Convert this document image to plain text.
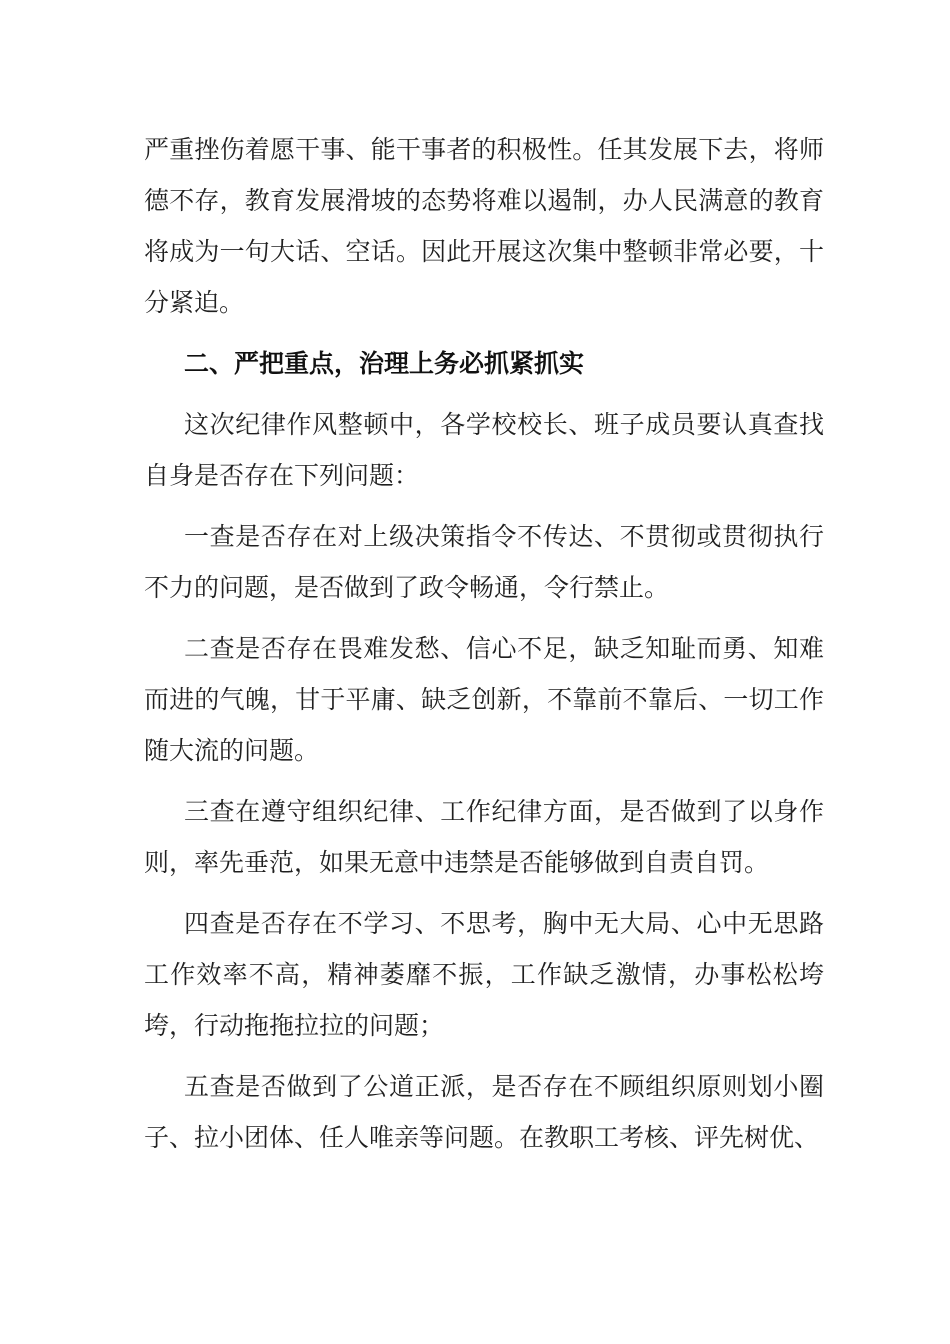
严重挫伤着愿干事、能干事者的积极性。任其发展下去，将师德不存，教育发展滑坡的态势将难以遏制，办人民满意的教育将成为一句大话、空话。因此开展这次集中整顿非常必要，十分紧迫。

二、严把重点，治理上务必抓紧抓实

这次纪律作风整顿中，各学校校长、班子成员要认真查找自身是否存在下列问题：

一查是否存在对上级决策指令不传达、不贯彻或贯彻执行不力的问题，是否做到了政令畅通，令行禁止。

二查是否存在畏难发愁、信心不足，缺乏知耻而勇、知难而进的气魄，甘于平庸、缺乏创新，不靠前不靠后、一切工作随大流的问题。

三查在遵守组织纪律、工作纪律方面，是否做到了以身作则，率先垂范，如果无意中违禁是否能够做到自责自罚。

四查是否存在不学习、不思考，胸中无大局、心中无思路工作效率不高，精神萎靡不振，工作缺乏激情，办事松松垮垮，行动拖拖拉拉的问题；

五查是否做到了公道正派，是否存在不顾组织原则划小圈子、拉小团体、任人唯亲等问题。在教职工考核、评先树优、
